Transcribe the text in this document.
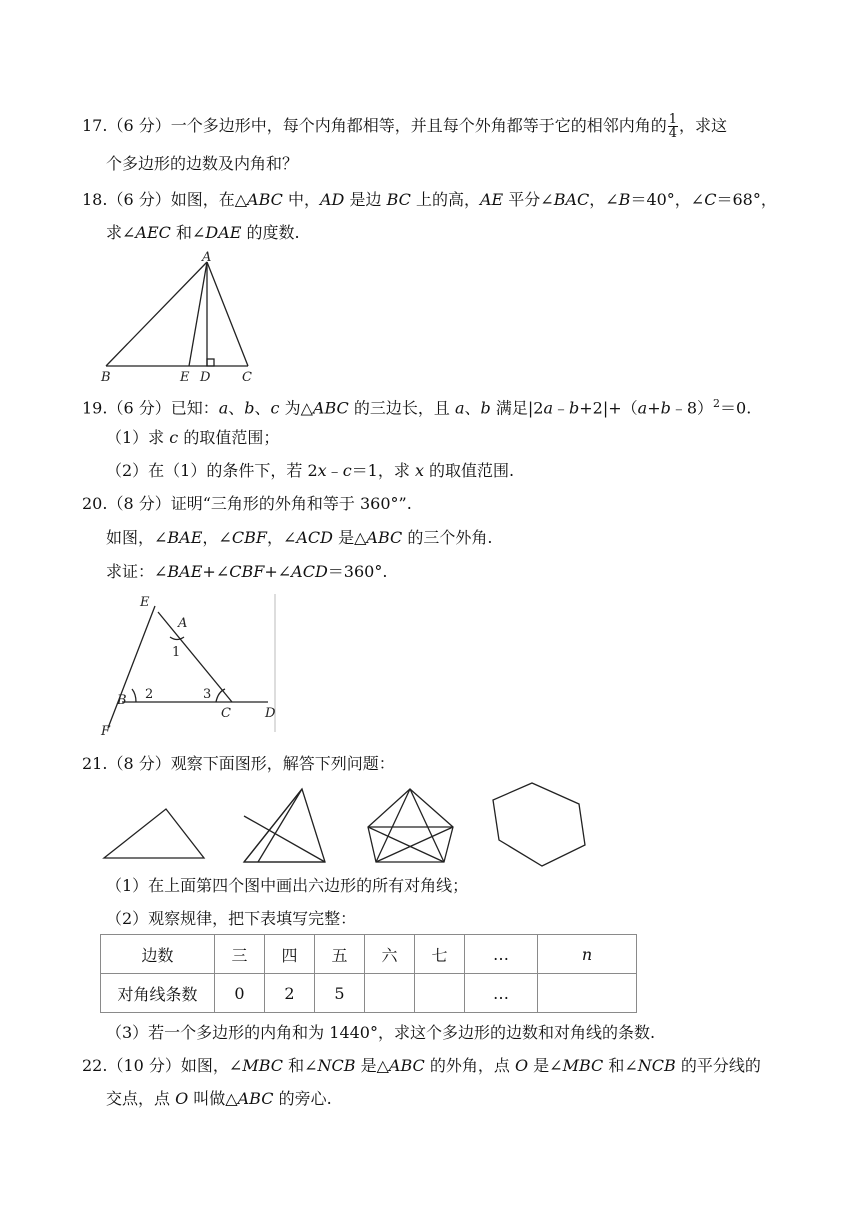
17.（6 分）一个多边形中，每个内角都相等，并且每个外角都等于它的相邻内角的 $\frac{1}{4}$ ，求这
个多边形的边数及内角和？
18.（6 分）如图，在△ABC 中，AD 是边 BC 上的高，AE 平分∠BAC，∠B＝40°，∠C＝68°，
求∠AEC 和∠DAE 的度数.
A
B	E D C
19.（6 分）已知：a、b、c 为△ABC 的三边长，且 a、b 满足|2a﹣b+2|+（a+b﹣8）$^2$＝0.
（1）求 c 的取值范围；
（2）在（1）的条件下，若 2x﹣c＝1，求 x 的取值范围.
20.（8 分）证明“三角形的外角和等于 360°”.
如图，∠BAE，∠CBF，∠ACD 是△ABC 的三个外角.
求证：∠BAE+∠CBF+∠ACD＝360°.
E
A
1
B 2	3
C	D
F
21.（8 分）观察下面图形，解答下列问题：
（1）在上面第四个图中画出六边形的所有对角线；
（2）观察规律，把下表填写完整：
边数	三	四	五	六	七	…	n
对角线条数	0	2	5			…	
（3）若一个多边形的内角和为 1440°，求这个多边形的边数和对角线的条数.
22.（10 分）如图，∠MBC 和∠NCB 是△ABC 的外角，点 O 是∠MBC 和∠NCB 的平分线的
交点，点 O 叫做△ABC 的旁心.
